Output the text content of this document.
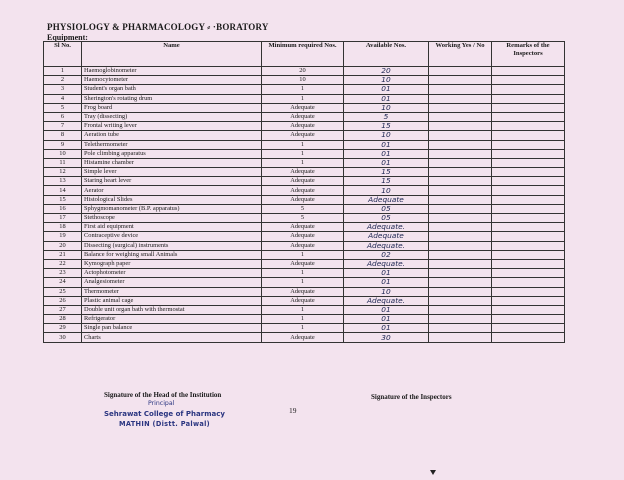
PHYSIOLOGY & PHARMACOLOGY ⸗ ·BORATORY
Equipment:
Sl No.	Name	Minimum required Nos.	Available Nos.	Working Yes / No	Remarks of the Inspectors
1	Haemoglobinometer	20	20		
2	Haemocytometer	10	10		
3	Student's organ bath	1	01		
4	Sherington's rotating drum	1	01		
5	Frog board	Adequate	10		
6	Tray (dissecting)	Adequate	5		
7	Frontal writing lever	Adequate	15		
8	Aeration tube	Adequate	10		
9	Telethermometer	1	01		
10	Pole climbing apparatus	1	01		
11	Histamine chamber	1	01		
12	Simple lever	Adequate	15		
13	Staring heart lever	Adequate	15		
14	Aerator	Adequate	10		
15	Histological Slides	Adequate	Adequate		
16	Sphygmomanometer (B.P. apparatus)	5	05		
17	Stethoscope	5	05		
18	First aid equipment	Adequate	Adequate.		
19	Contraceptive device	Adequate	Adequate		
20	Dissecting (surgical) instruments	Adequate	Adequate.		
21	Balance for weighing small Animals	1	02		
22	Kymograph paper	Adequate	Adequate.		
23	Actophotometer	1	01		
24	Analgesiometer	1	01		
25	Thermometer	Adequate	10		
26	Plastic animal cage	Adequate	Adequate.		
27	Double unit organ bath with thermostat	1	01		
28	Refrigerator	1	01		
29	Single pan balance	1	01		
30	Charts	Adequate	30		
Signature of the Head of the Institution
Principal
Sehrawat College of Pharmacy
MATHIN (Distt. Palwal)
19
Signature of the Inspectors
